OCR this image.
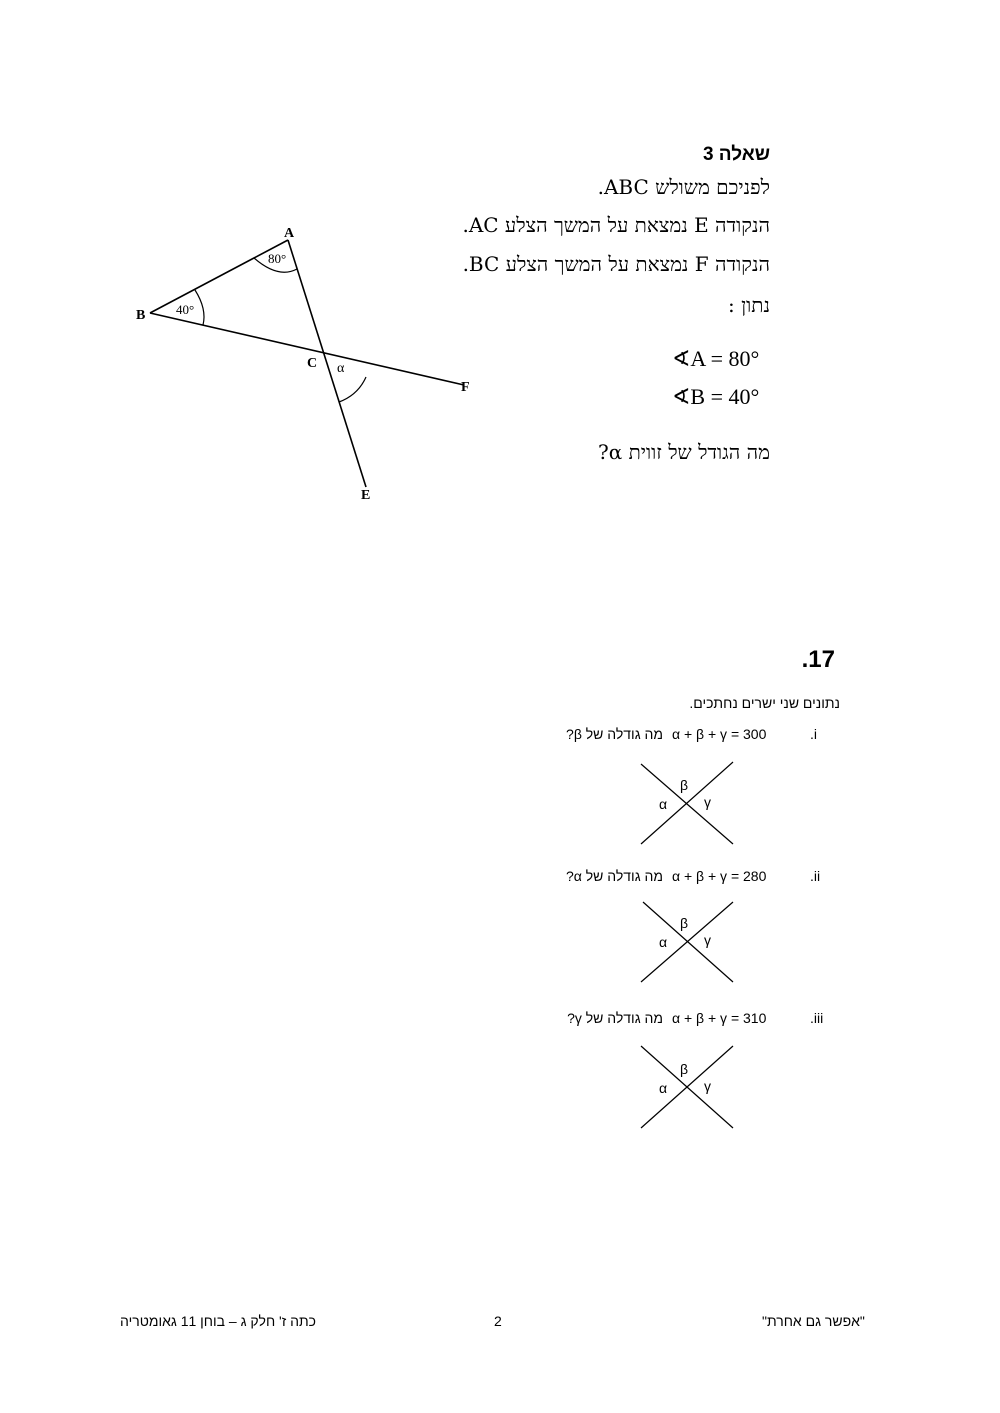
שאלה 3
לפניכם משולש ABC.
הנקודה E נמצאת על המשך הצלע AC.
הנקודה F נמצאת על המשך הצלע BC.
נתון :
∢A = 80°
∢B = 40°
מה הגודל של זווית α?
A
B
C
E
F
80°
40°
α
.17
נתונים שני ישרים נחתכים.
.i
α + β + γ = 300
מה גודלה של β?
β
α	γ
.ii
α + β + γ = 280
מה גודלה של α?
β
α	γ
.iii
α + β + γ = 310
מה גודלה של γ?
β
α	γ
"אפשר גם אחרת"
2
כתה ז' חלק ג – בוחן 11 גאומטריה
